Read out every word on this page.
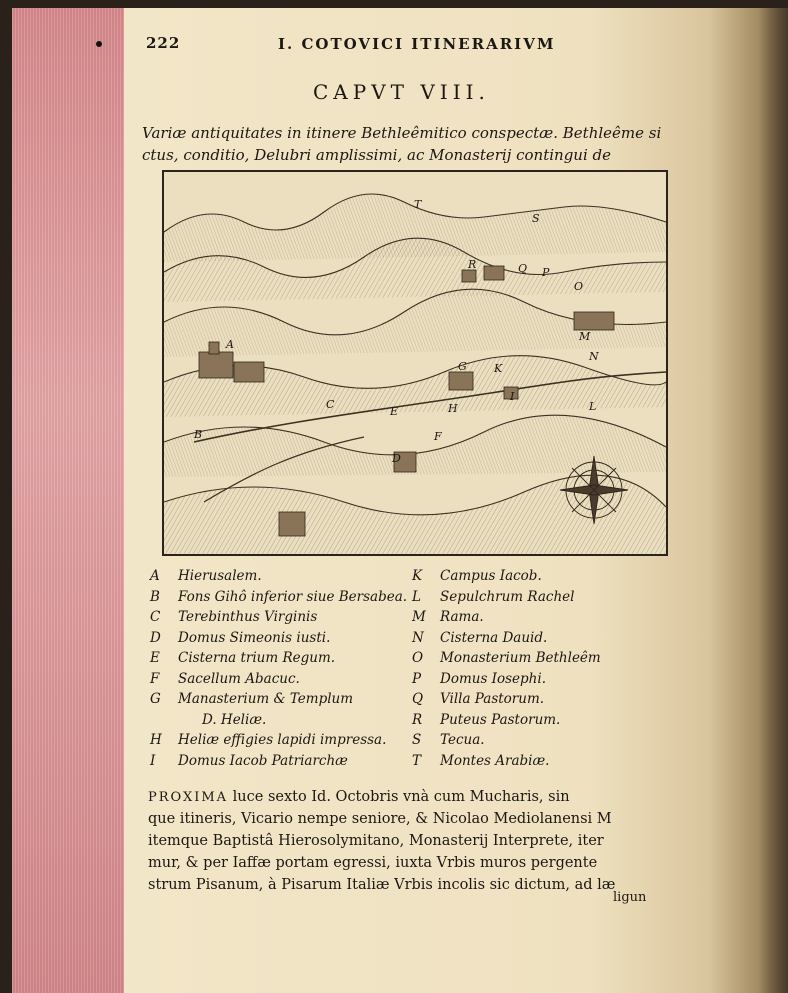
222	I. COTOVICI ITINERARIVM
CAPVT VIII.
Variæ antiquitates in itinere Bethleêmitico conspectæ. Bethleême si
ctus, conditio, Delubri amplissimi, ac Monasterij contingui de
A
B
C
D
E
F
G
H
I
K
L
M
N
O
P
Q
R
S
T
A	Hierusalem.
B	Fons Gihô inferior siue Bersabea.
C	Terebinthus Virginis
D	Domus Simeonis iusti.
E	Cisterna trium Regum.
F	Sacellum Abacuc.
G	Manasterium & Templum
D. Heliæ.
H	Heliæ effigies lapidi impressa.
I	Domus Iacob Patriarchæ
K	Campus Iacob.
L	Sepulchrum Rachel
M	Rama.
N	Cisterna Dauid.
O	Monasterium Bethleêm
P	Domus Iosephi.
Q	Villa Pastorum.
R	Puteus Pastorum.
S	Tecua.
T	Montes Arabiæ.
PROXIMA luce sexto Id. Octobris vnà cum Mucharis, sin
que itineris, Vicario nempe seniore, & Nicolao Mediolanensi M
itemque Baptistâ Hierosolymitano, Monasterij Interprete, iter
mur, & per Iaffæ portam egressi, iuxta Vrbis muros pergente
strum Pisanum, à Pisarum Italiæ Vrbis incolis sic dictum, ad læ
ligun
